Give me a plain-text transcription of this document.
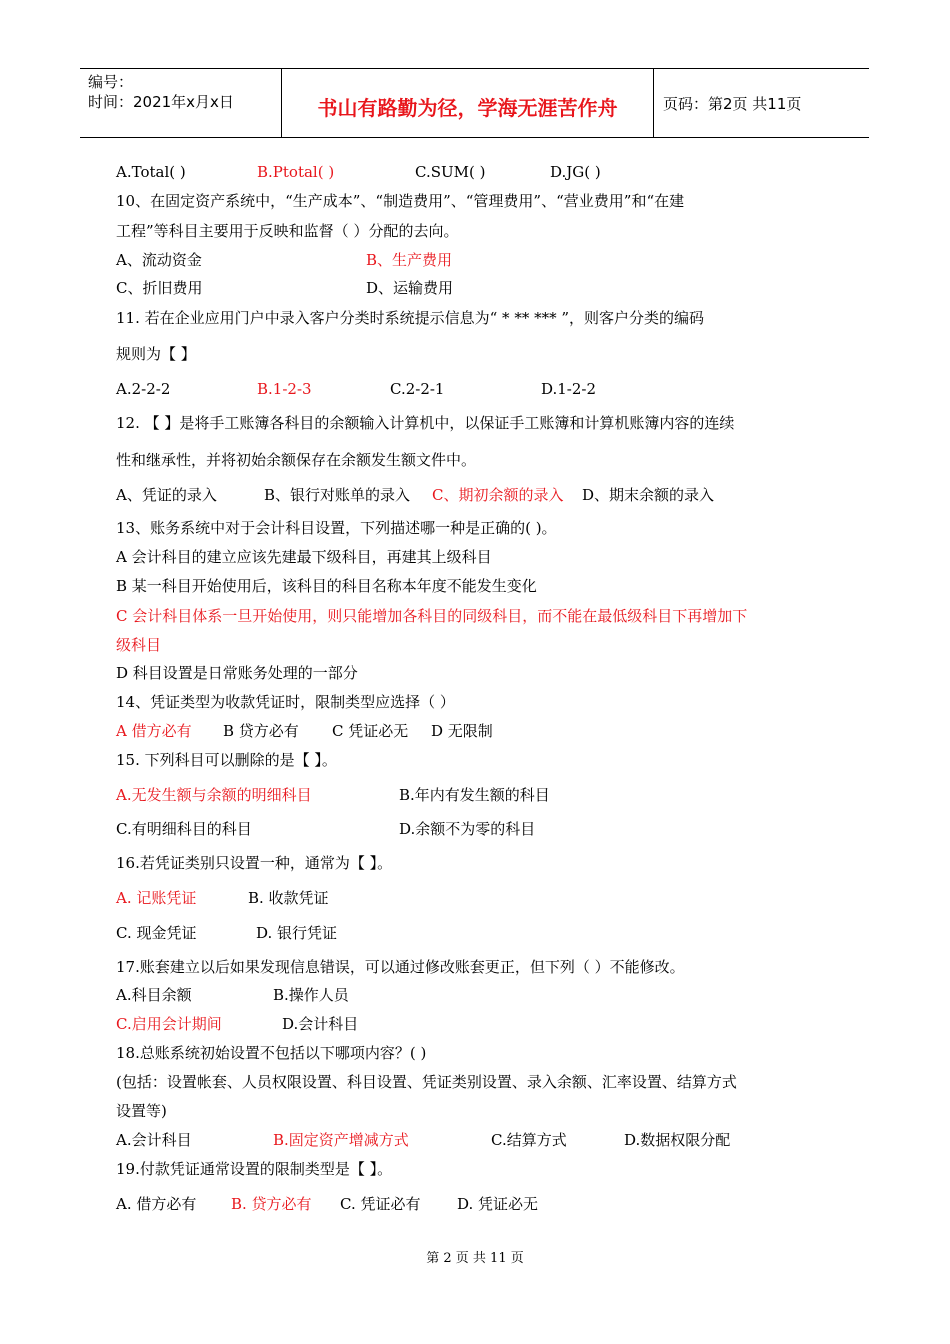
编号：
时间：2021年x月x日	书山有路勤为径，学海无涯苦作舟	页码：第2页 共11页
A.Total( )	B.Ptotal( )	C.SUM( )	D.JG( )
10、在固定资产系统中，“生产成本”、“制造费用”、“管理费用”、“营业费用”和“在建
工程”等科目主要用于反映和监督（ ）分配的去向。
A、流动资金	B、生产费用
C、折旧费用	D、运输费用
11. 若在企业应用门户中录入客户分类时系统提示信息为“ * ** *** ”，则客户分类的编码
规则为【 】
A.2-2-2	B.1-2-3	C.2-2-1	D.1-2-2
12. 【 】是将手工账簿各科目的余额输入计算机中，以保证手工账簿和计算机账簿内容的连续
性和继承性，并将初始余额保存在余额发生额文件中。
A、凭证的录入	B、银行对账单的录入 C、期初余额的录入 D、期末余额的录入
13、账务系统中对于会计科目设置，下列描述哪一种是正确的( )。
A 会计科目的建立应该先建最下级科目，再建其上级科目
B 某一科目开始使用后，该科目的科目名称本年度不能发生变化
C 会计科目体系一旦开始使用，则只能增加各科目的同级科目，而不能在最低级科目下再增加下
级科目
D 科目设置是日常账务处理的一部分
14、凭证类型为收款凭证时，限制类型应选择（ ）
A 借方必有 B 贷方必有 C 凭证必无 D 无限制
15. 下列科目可以删除的是【 】。
A.无发生额与余额的明细科目	B.年内有发生额的科目
C.有明细科目的科目	D.余额不为零的科目
16.若凭证类别只设置一种，通常为【 】。
A. 记账凭证	B. 收款凭证
C. 现金凭证	D. 银行凭证
17.账套建立以后如果发现信息错误，可以通过修改账套更正，但下列（ ）不能修改。
A.科目余额	B.操作人员
C.启用会计期间	D.会计科目
18.总账系统初始设置不包括以下哪项内容？( )
(包括：设置帐套、人员权限设置、科目设置、凭证类别设置、录入余额、汇率设置、结算方式
设置等)
A.会计科目	B.固定资产增减方式	C.结算方式	D.数据权限分配
19.付款凭证通常设置的限制类型是【 】。
A. 借方必有 B. 贷方必有 C. 凭证必有 D. 凭证必无
第 2 页 共 11 页
